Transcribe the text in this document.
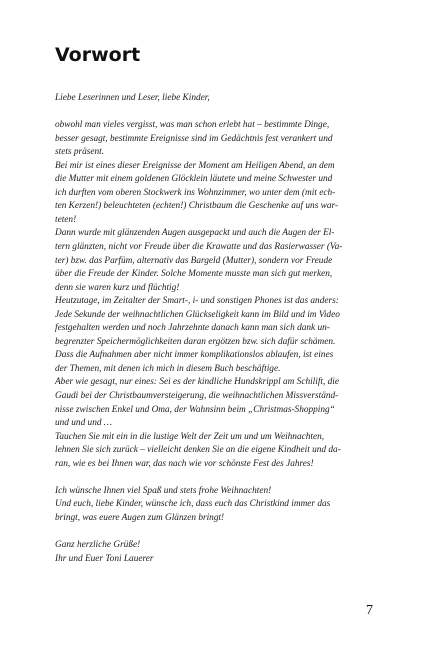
Vorwort
Liebe Leserinnen und Leser, liebe Kinder,
obwohl man vieles vergisst, was man schon erlebt hat – bestimmte Dinge,
besser gesagt, bestimmte Ereignisse sind im Gedächtnis fest verankert und
stets präsent.
Bei mir ist eines dieser Ereignisse der Moment am Heiligen Abend, an dem
die Mutter mit einem goldenen Glöcklein läutete und meine Schwester und
ich durften vom oberen Stockwerk ins Wohnzimmer, wo unter dem (mit ech-
ten Kerzen!) beleuchteten (echten!) Christbaum die Geschenke auf uns war-
teten!
Dann wurde mit glänzenden Augen ausgepackt und auch die Augen der El-
tern glänzten, nicht vor Freude über die Krawatte und das Rasierwasser (Va-
ter) bzw. das Parfüm, alternativ das Bargeld (Mutter), sondern vor Freude
über die Freude der Kinder. Solche Momente musste man sich gut merken,
denn sie waren kurz und flüchtig!
Heutzutage, im Zeitalter der Smart-, i- und sonstigen Phones ist das anders:
Jede Sekunde der weihnachtlichen Glückseligkeit kann im Bild und im Video
festgehalten werden und noch Jahrzehnte danach kann man sich dank un-
begrenzter Speichermöglichkeiten daran ergötzen bzw. sich dafür schämen.
Dass die Aufnahmen aber nicht immer komplikationslos ablaufen, ist eines
der Themen, mit denen ich mich in diesem Buch beschäftige.
Aber wie gesagt, nur eines: Sei es der kindliche Hundskrippl am Schilift, die
Gaudi bei der Christbaumversteigerung, die weihnachtlichen Missverständ-
nisse zwischen Enkel und Oma, der Wahnsinn beim „Christmas-Shopping“
und und und …
Tauchen Sie mit ein in die lustige Welt der Zeit um und um Weihnachten,
lehnen Sie sich zurück – vielleicht denken Sie an die eigene Kindheit und da-
ran, wie es bei Ihnen war, das nach wie vor schönste Fest des Jahres!
Ich wünsche Ihnen viel Spaß und stets frohe Weihnachten!
Und euch, liebe Kinder, wünsche ich, dass euch das Christkind immer das
bringt, was euere Augen zum Glänzen bringt!
Ganz herzliche Grüße!
Ihr und Euer Toni Lauerer
7
